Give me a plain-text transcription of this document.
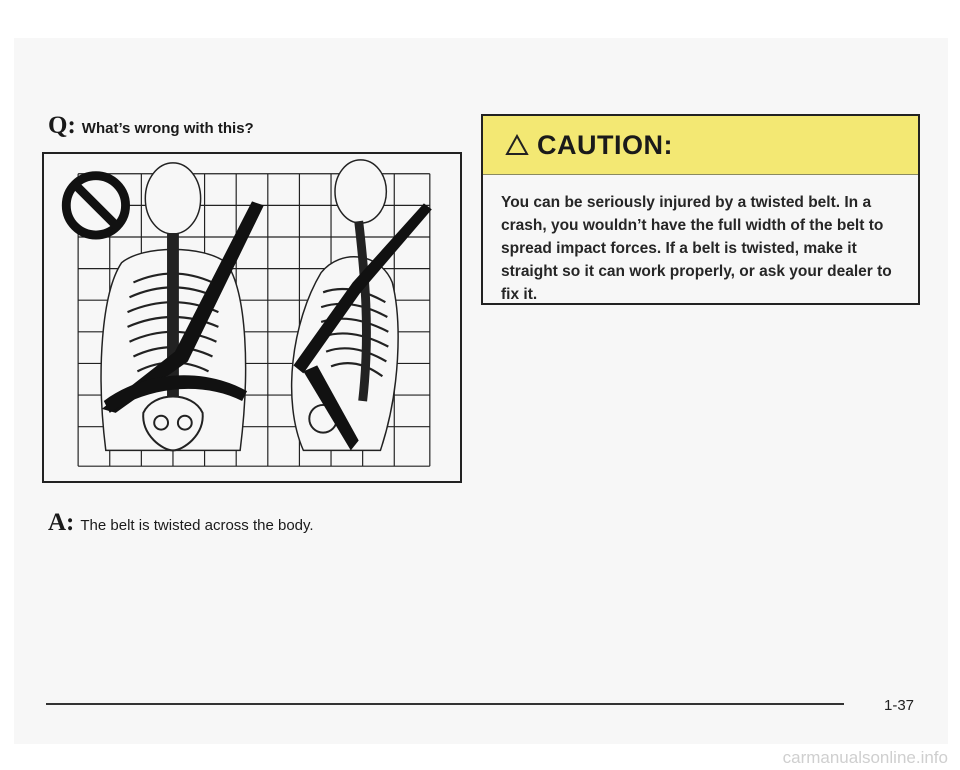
Q: What’s wrong with this?
A: The belt is twisted across the body.
CAUTION:
You can be seriously injured by a twisted belt. In a crash, you wouldn’t have the full width of the belt to spread impact forces. If a belt is twisted, make it straight so it can work properly, or ask your dealer to fix it.
1-37
carmanualsonline.info
